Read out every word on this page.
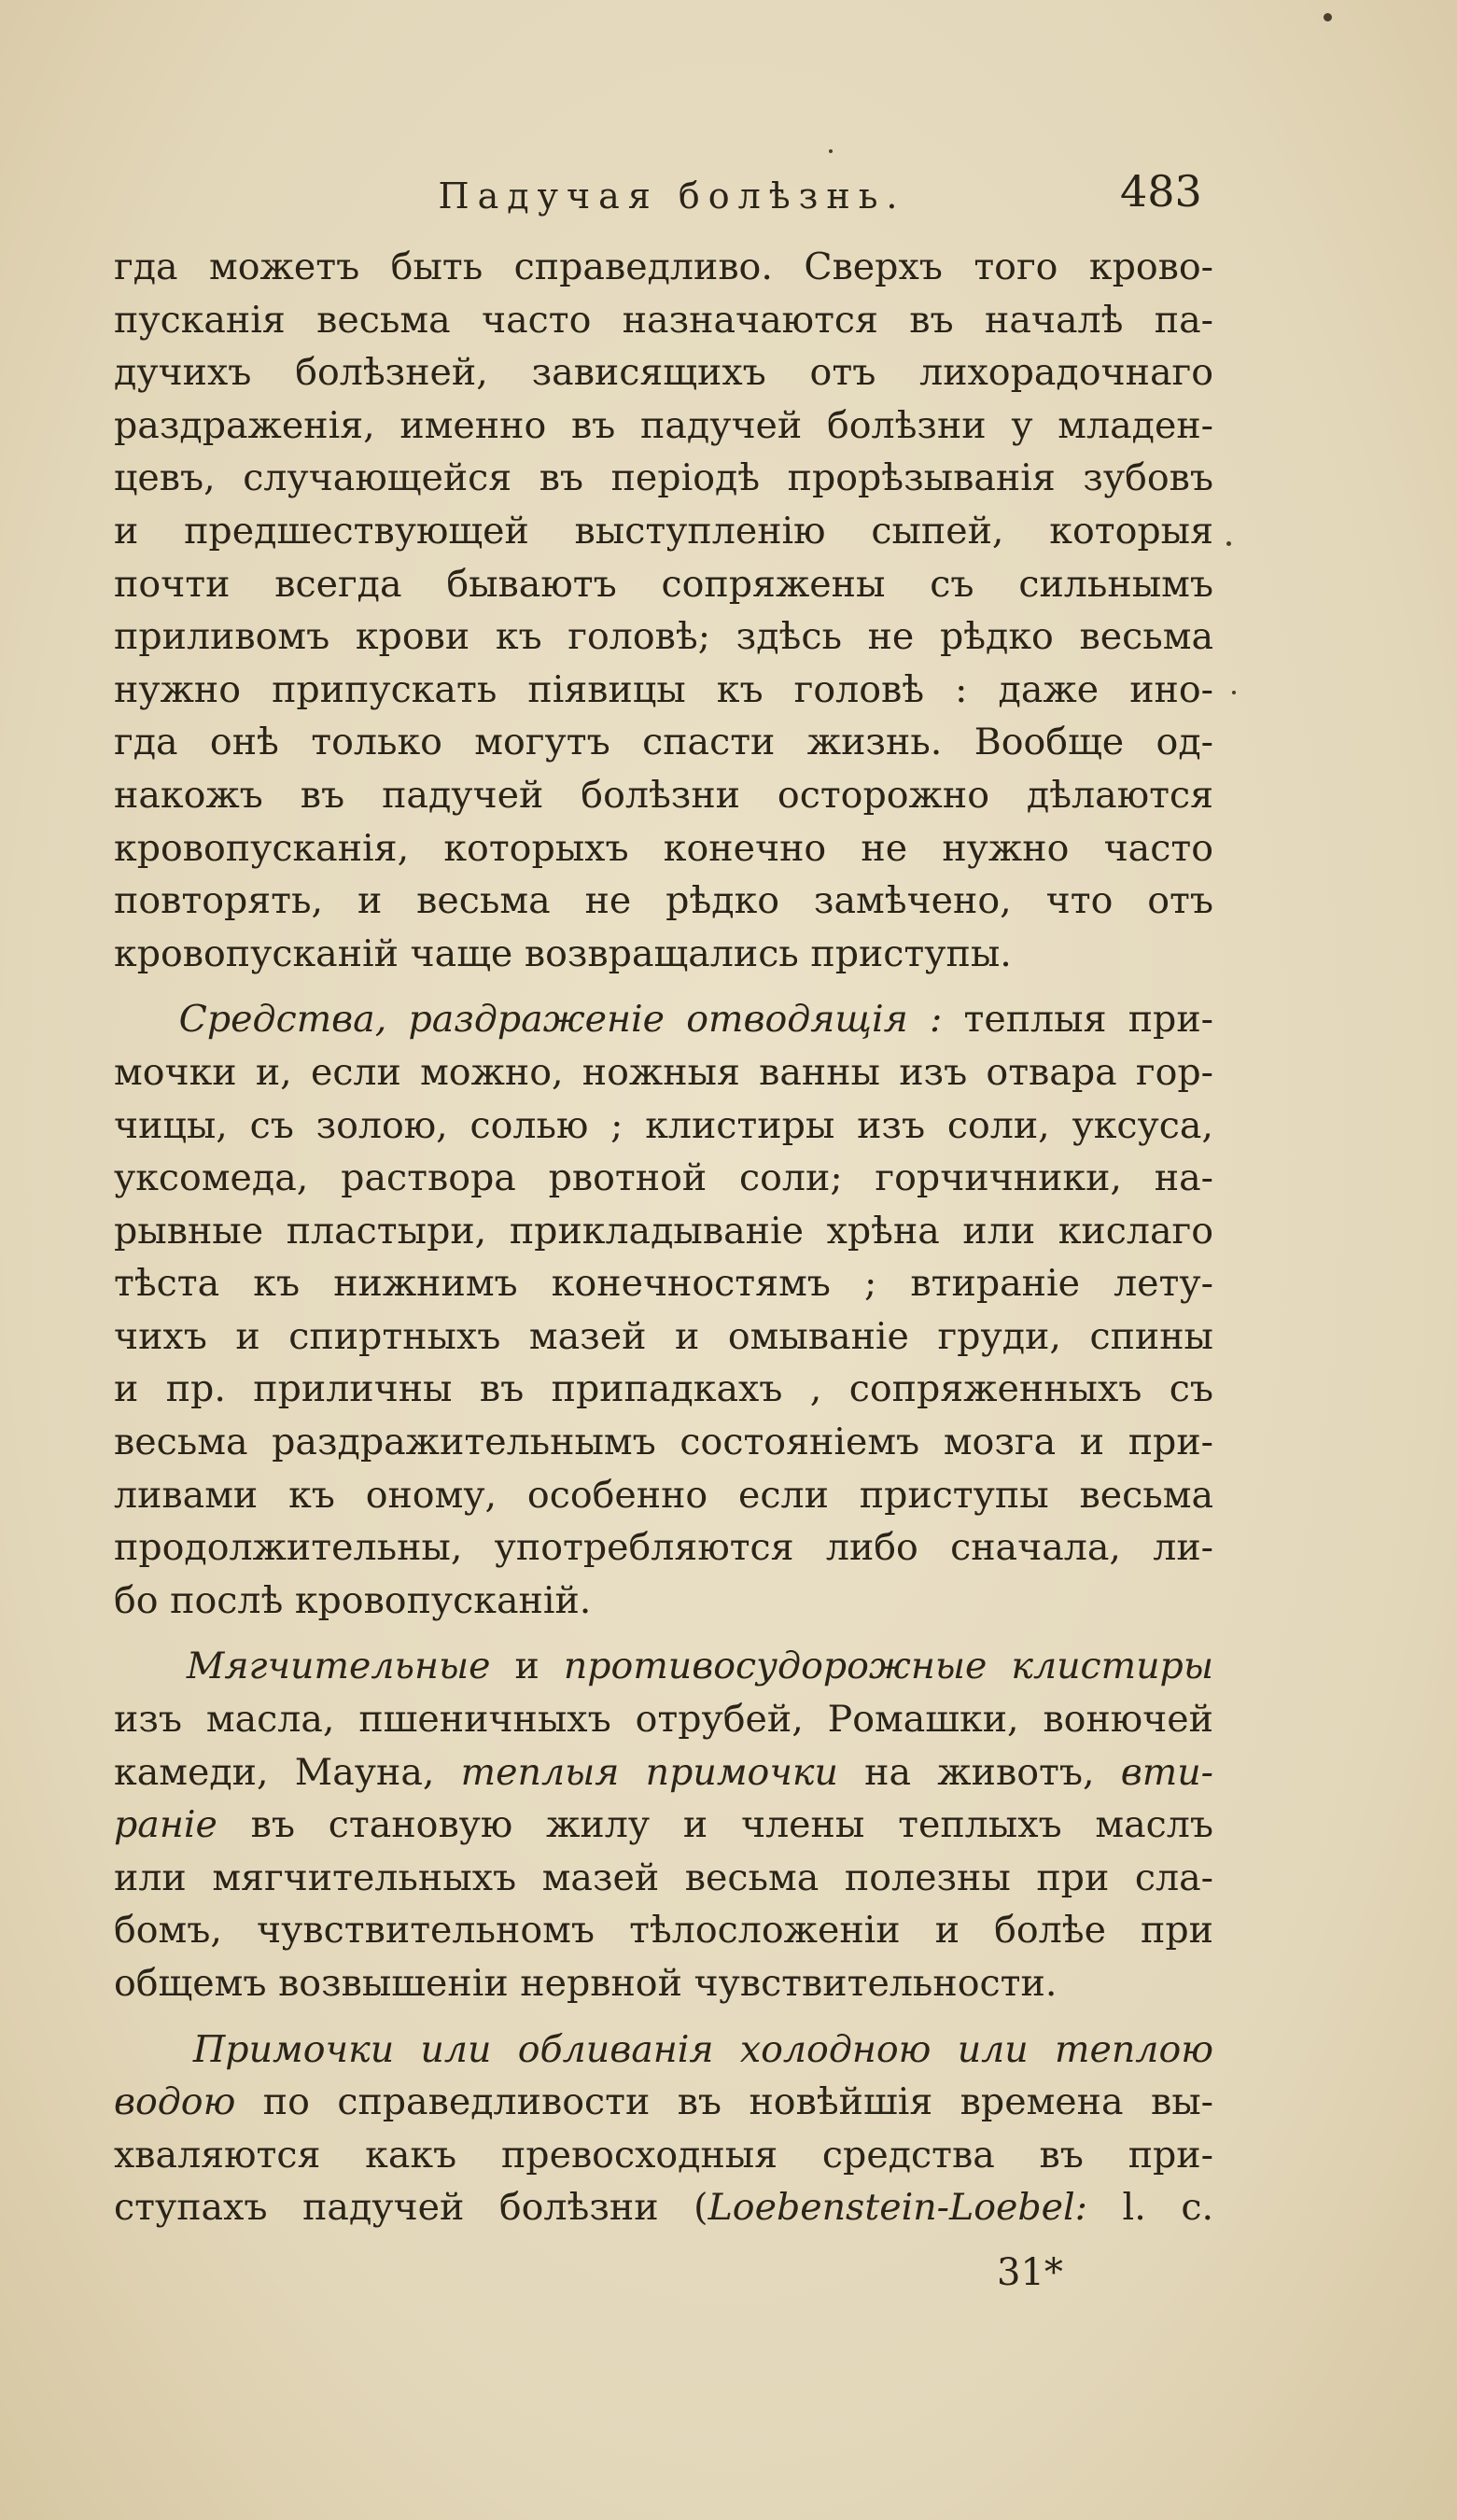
Падучая болѣзнь.	483
гда можетъ быть справедливо. Сверхъ того крово-
пусканія весьма часто назначаются въ началѣ па-
дучихъ болѣзней, зависящихъ отъ лихорадочнаго
раздраженія, именно въ падучей болѣзни у младен-
цевъ, случающейся въ періодѣ прорѣзыванія зубовъ
и предшествующей выступленію сыпей, которыя
почти всегда бываютъ сопряжены съ сильнымъ
приливомъ крови къ головѣ; здѣсь не рѣдко весьма
нужно припускать піявицы къ головѣ : даже ино-
гда онѣ только могутъ спасти жизнь. Вообще од-
накожъ въ падучей болѣзни осторожно дѣлаются
кровопусканія, которыхъ конечно не нужно часто
повторять, и весьма не рѣдко замѣчено, что отъ
кровопусканій чаще возвращались приступы.
Средства, раздраженіе отводящія : теплыя при-
мочки и, если можно, ножныя ванны изъ отвара гор-
чицы, съ золою, солью ; клистиры изъ соли, уксуса,
уксомеда, раствора рвотной соли; горчичники, на-
рывные пластыри, прикладываніе хрѣна или кислаго
тѣста къ нижнимъ конечностямъ ; втираніе лету-
чихъ и спиртныхъ мазей и омываніе груди, спины
и пр. приличны въ припадкахъ , сопряженныхъ съ
весьма раздражительнымъ состояніемъ мозга и при-
ливами къ оному, особенно если приступы весьма
продолжительны, употребляются либо сначала, ли-
бо послѣ кровопусканій.
Мягчительные и противосудорожные клистиры
изъ масла, пшеничныхъ отрубей, Ромашки, вонючей
камеди, Мауна, теплыя примочки на животъ, вти-
раніе въ становую жилу и члены теплыхъ маслъ
или мягчительныхъ мазей весьма полезны при сла-
бомъ, чувствительномъ тѣлосложеніи и болѣе при
общемъ возвышеніи нервной чувствительности.
Примочки или обливанія холодною или теплою
водою по справедливости въ новѣйшія времена вы-
хваляются какъ превосходныя средства въ при-
ступахъ падучей болѣзни (Loebenstein-Loebel: l. c.
31*
